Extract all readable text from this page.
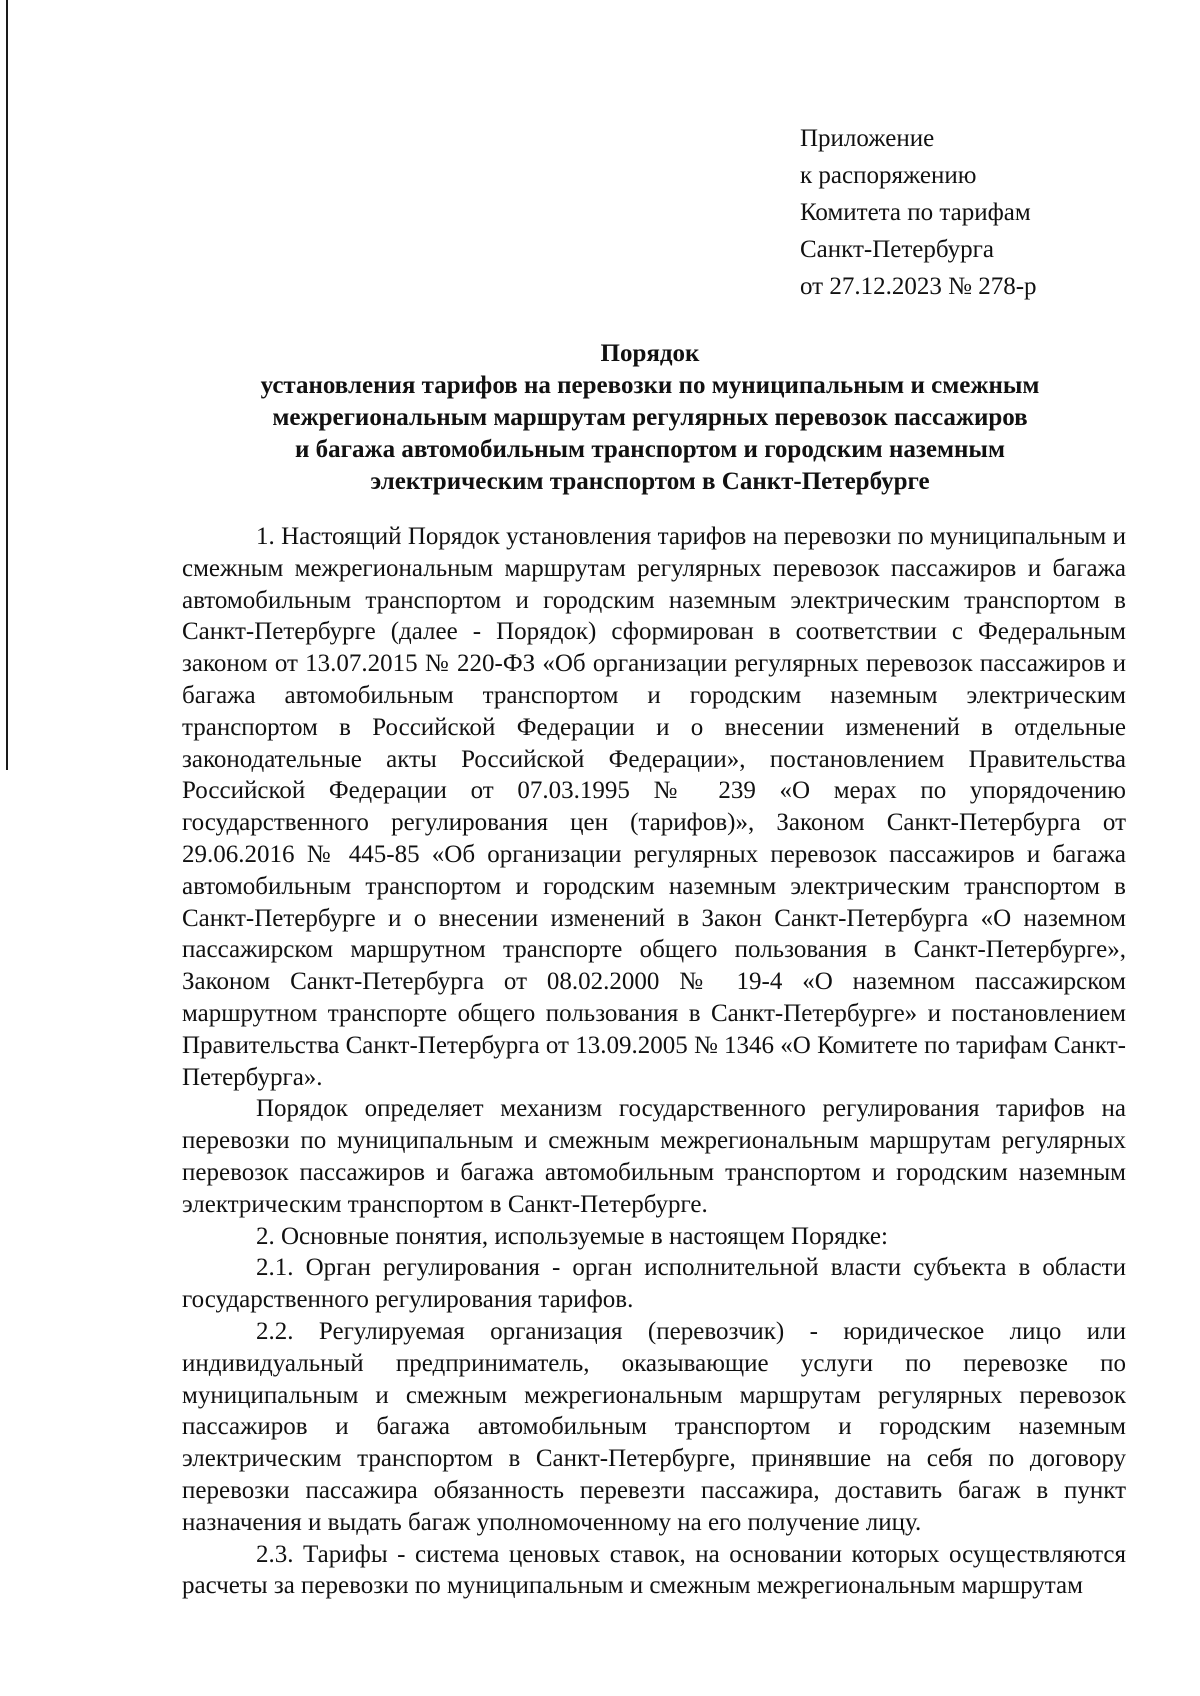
Приложение
к распоряжению
Комитета по тарифам
Санкт-Петербурга
от 27.12.2023 № 278-р
Порядок
установления тарифов на перевозки по муниципальным и смежным
межрегиональным маршрутам регулярных перевозок пассажиров
и багажа автомобильным транспортом и городским наземным
электрическим транспортом в Санкт-Петербурге

1. Настоящий Порядок установления тарифов на перевозки по муниципальным и смежным межрегиональным маршрутам регулярных перевозок пассажиров и багажа автомобильным транспортом и городским наземным электрическим транспортом в Санкт-Петербурге (далее - Порядок) сформирован в соответствии с Федеральным законом от 13.07.2015 № 220-ФЗ «Об организации регулярных перевозок пассажиров и багажа автомобильным транспортом и городским наземным электрическим транспортом в Российской Федерации и о внесении изменений в отдельные законодательные акты Российской Федерации», постановлением Правительства Российской Федерации от 07.03.1995 № 239 «О мерах по упорядочению государственного регулирования цен (тарифов)», Законом Санкт-Петербурга от 29.06.2016 № 445-85 «Об организации регулярных перевозок пассажиров и багажа автомобильным транспортом и городским наземным электрическим транспортом в Санкт-Петербурге и о внесении изменений в Закон Санкт-Петербурга «О наземном пассажирском маршрутном транспорте общего пользования в Санкт-Петербурге», Законом Санкт-Петербурга от 08.02.2000 № 19-4 «О наземном пассажирском маршрутном транспорте общего пользования в Санкт-Петербурге» и постановлением Правительства Санкт-Петербурга от 13.09.2005 № 1346 «О Комитете по тарифам Санкт-Петербурга».

Порядок определяет механизм государственного регулирования тарифов на перевозки по муниципальным и смежным межрегиональным маршрутам регулярных перевозок пассажиров и багажа автомобильным транспортом и городским наземным электрическим транспортом в Санкт-Петербурге.

2. Основные понятия, используемые в настоящем Порядке:

2.1. Орган регулирования - орган исполнительной власти субъекта в области государственного регулирования тарифов.

2.2. Регулируемая организация (перевозчик) - юридическое лицо или индивидуальный предприниматель, оказывающие услуги по перевозке по муниципальным и смежным межрегиональным маршрутам регулярных перевозок пассажиров и багажа автомобильным транспортом и городским наземным электрическим транспортом в Санкт-Петербурге, принявшие на себя по договору перевозки пассажира обязанность перевезти пассажира, доставить багаж в пункт назначения и выдать багаж уполномоченному на его получение лицу.

2.3. Тарифы - система ценовых ставок, на основании которых осуществляются расчеты за перевозки по муниципальным и смежным межрегиональным маршрутам
